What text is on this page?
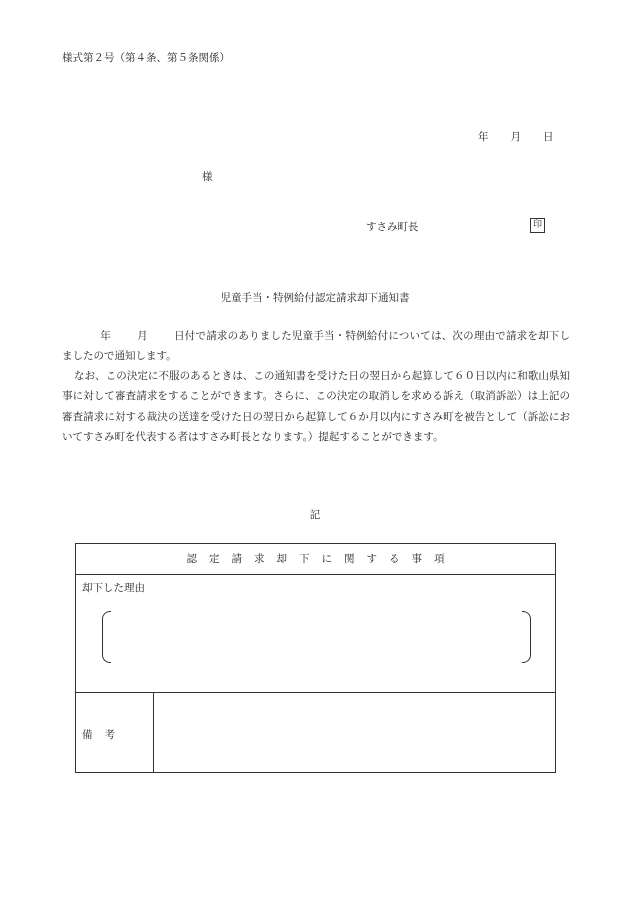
様式第２号（第４条、第５条関係）
年 月 日
様
すさみ町長	印
児童手当・特例給付認定請求却下通知書
年 月 日付で請求のありました児童手当・特例給付については、次の理由で請求を却下しましたので通知します。
なお、この決定に不服のあるときは、この通知書を受けた日の翌日から起算して６０日以内に和歌山県知事に対して審査請求をすることができます。さらに、この決定の取消しを求める訴え（取消訴訟）は上記の審査請求に対する裁決の送達を受けた日の翌日から起算して６か月以内にすさみ町を被告として（訴訟においてすさみ町を代表する者はすさみ町長となります。）提起することができます。
記
認定請求却下に関する事項
却下した理由
備考
